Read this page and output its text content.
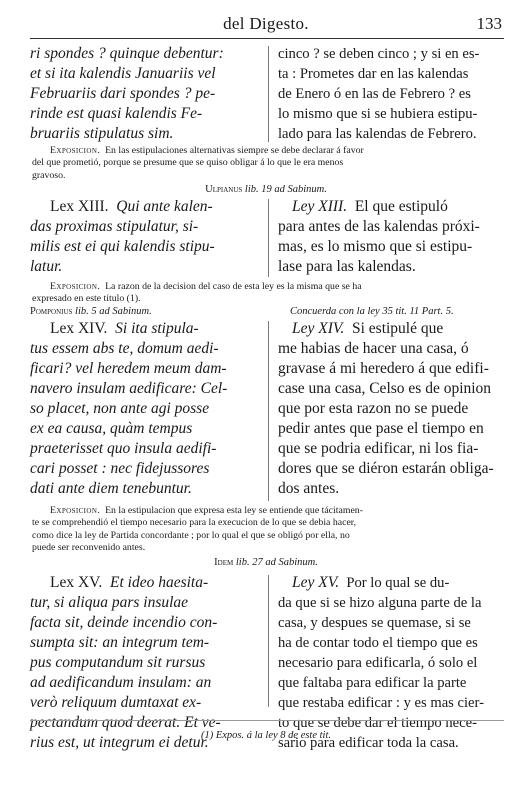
del Digesto.	133
ri spondes ? quinque debentur:
et si ita kalendis Januariis vel
Februariis dari spondes ? pe-
rinde est quasi kalendis Fe-
bruariis stipulatus sim.
cinco ? se deben cinco ; y si en es-
ta : Prometes dar en las kalendas
de Enero ó en las de Febrero ? es
lo mismo que si se hubiera estipu-
lado para las kalendas de Febrero.
Exposicion. En las estipulaciones alternativas siempre se debe declarar á favor
del que prometió, porque se presume que se quiso obligar á lo que le era menos
gravoso.
Ulpianus lib. 19 ad Sabinum.
Lex XIII. Qui ante kalen-
das proximas stipulatur, si-
milis est ei qui kalendis stipu-
latur.
Ley XIII. El que estipuló
para antes de las kalendas próxi-
mas, es lo mismo que si estipu-
lase para las kalendas.
Exposicion. La razon de la decision del caso de esta ley es la misma que se ha
expresado en este título (1).
Pomponius lib. 5 ad Sabinum.	Concuerda con la ley 35 tit. 11 Part. 5.
Lex XIV. Si ita stipula-
tus essem abs te, domum aedi-
ficari? vel heredem meum dam-
navero insulam aedificare: Cel-
so placet, non ante agi posse
ex ea causa, quàm tempus
praeterisset quo insula aedifi-
cari posset : nec fidejussores
dati ante diem tenebuntur.
Ley XIV. Si estipulé que
me habias de hacer una casa, ó
gravase á mi heredero á que edifi-
case una casa, Celso es de opinion
que por esta razon no se puede
pedir antes que pase el tiempo en
que se podria edificar, ni los fia-
dores que se diéron estarán obliga-
dos antes.
Exposicion. En la estipulacion que expresa esta ley se entiende que tácitamen-
te se comprehendió el tiempo necesario para la execucion de lo que se debia hacer,
como dice la ley de Partida concordante ; por lo qual el que se obligó por ella, no
puede ser reconvenido antes.
Idem lib. 27 ad Sabinum.
Lex XV. Et ideo haesita-
tur, si aliqua pars insulae
facta sit, deinde incendio con-
sumpta sit: an integrum tem-
pus computandum sit rursus
ad aedificandum insulam: an
verò reliquum dumtaxat ex-
pectandum quod deerat. Et ve-
rius est, ut integrum ei detur.
Ley XV. Por lo qual se du-
da que si se hizo alguna parte de la
casa, y despues se quemase, si se
ha de contar todo el tiempo que es
necesario para edificarla, ó solo el
que faltaba para edificar la parte
que restaba edificar : y es mas cier-
to que se debe dar el tiempo nece-
sario para edificar toda la casa.
(1) Expos. á la ley 8 de este tit.
